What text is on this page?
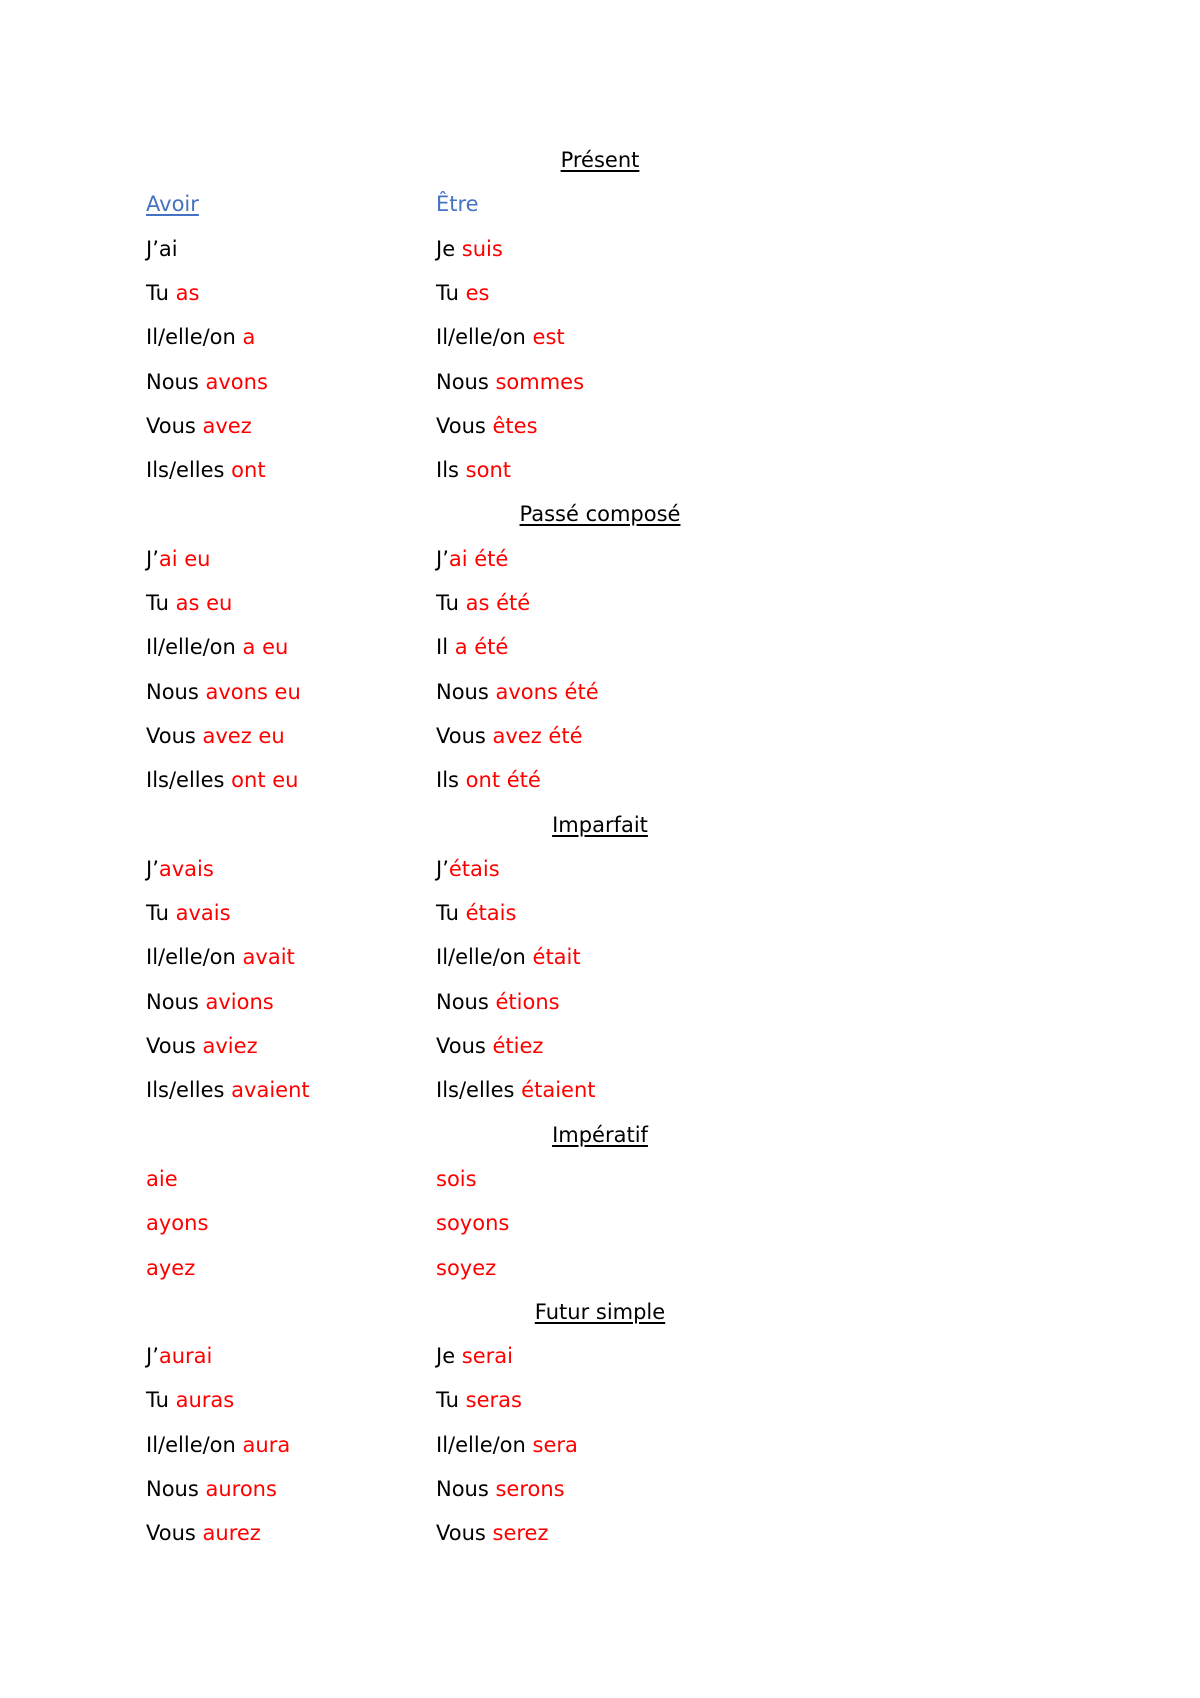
Présent
Avoir	Être
J’ai	Je suis
Tu as	Tu es
Il/elle/on a	Il/elle/on est
Nous avons	Nous sommes
Vous avez	Vous êtes
Ils/elles ont	Ils sont
Passé composé
J’ai eu	J’ai été
Tu as eu	Tu as été
Il/elle/on a eu	Il a été
Nous avons eu	Nous avons été
Vous avez eu	Vous avez été
Ils/elles ont eu	Ils ont été
Imparfait
J’avais	J’étais
Tu avais	Tu étais
Il/elle/on avait	Il/elle/on était
Nous avions	Nous étions
Vous aviez	Vous étiez
Ils/elles avaient	Ils/elles étaient
Impératif
aie	sois
ayons	soyons
ayez	soyez
Futur simple
J’aurai	Je serai
Tu auras	Tu seras
Il/elle/on aura	Il/elle/on sera
Nous aurons	Nous serons
Vous aurez	Vous serez
